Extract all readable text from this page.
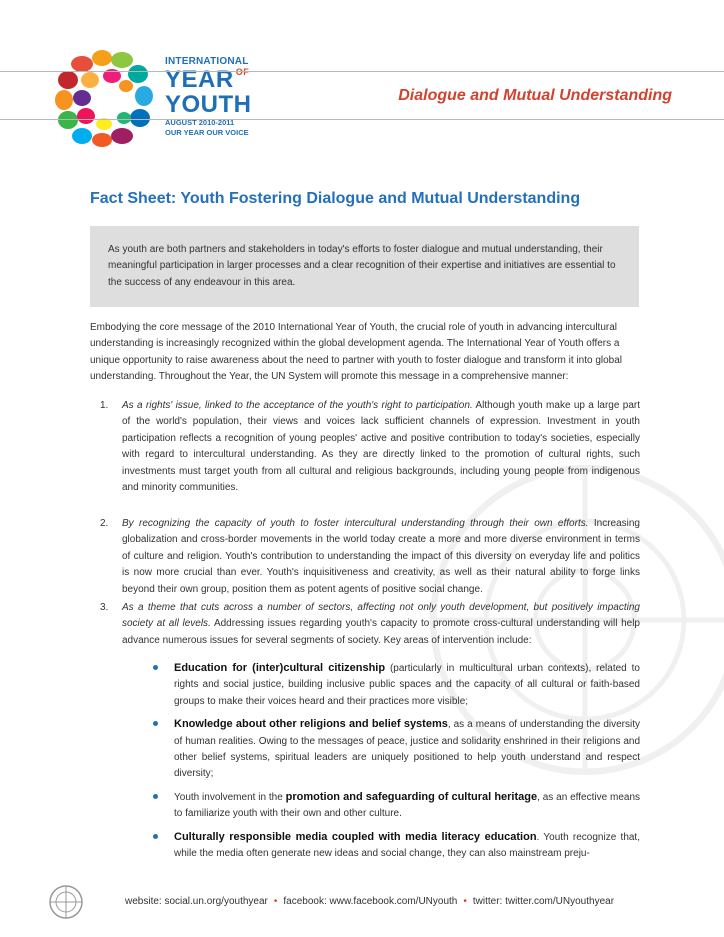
INTERNATIONAL
YEAR $^{OF}$
YOUTH
AUGUST 2010-2011
OUR YEAR OUR VOICE
Dialogue and Mutual Understanding
Fact Sheet: Youth Fostering Dialogue and Mutual Understanding

As youth are both partners and stakeholders in today's efforts to foster dialogue and mutual understanding, their meaningful participation in larger processes and a clear recognition of their expertise and initiatives are essential to the success of any endeavour in this area.

Embodying the core message of the 2010 International Year of Youth, the crucial role of youth in advancing intercultural understanding is increasingly recognized within the global development agenda. The International Year of Youth offers a unique opportunity to raise awareness about the need to partner with youth to foster dialogue and transform it into global understanding. Throughout the Year, the UN System will promote this message in a comprehensive manner:
1.	As a rights' issue, linked to the acceptance of the youth's right to participation. Although youth make up a large part of the world's population, their views and voices lack sufficient channels of expression. Investment in youth participation reflects a recognition of young peoples' active and positive contribution to today's societies, especially with regard to intercultural understanding. As they are directly linked to the promotion of cultural rights, such investments must target youth from all cultural and religious backgrounds, including young people from indigenous and minority communities.
2.	By recognizing the capacity of youth to foster intercultural understanding through their own efforts. Increasing globalization and cross-border movements in the world today create a more and more diverse environment in terms of culture and religion. Youth's contribution to understanding the impact of this diversity on everyday life and politics is now more crucial than ever. Youth's inquisitiveness and creativity, as well as their natural ability to forge links beyond their own group, position them as potent agents of positive social change.
3.	As a theme that cuts across a number of sectors, affecting not only youth development, but positively impacting society at all levels. Addressing issues regarding youth's capacity to promote cross-cultural understanding will help advance numerous issues for several segments of society. Key areas of intervention include:
Education for (inter)cultural citizenship (particularly in multicultural urban contexts), related to rights and social justice, building inclusive public spaces and the capacity of all cultural or faith-based groups to make their voices heard and their practices more visible;
Knowledge about other religions and belief systems, as a means of understanding the diversity of human realities. Owing to the messages of peace, justice and solidarity enshrined in their religions and other belief systems, spiritual leaders are uniquely positioned to help youth understand and respect diversity;
Youth involvement in the promotion and safeguarding of cultural heritage, as an effective means to familiarize youth with their own and other culture.
Culturally responsible media coupled with media literacy education. Youth recognize that, while the media often generate new ideas and social change, they can also mainstream preju-
website: social.un.org/youthyear • facebook: www.facebook.com/UNyouth • twitter: twitter.com/UNyouthyear
